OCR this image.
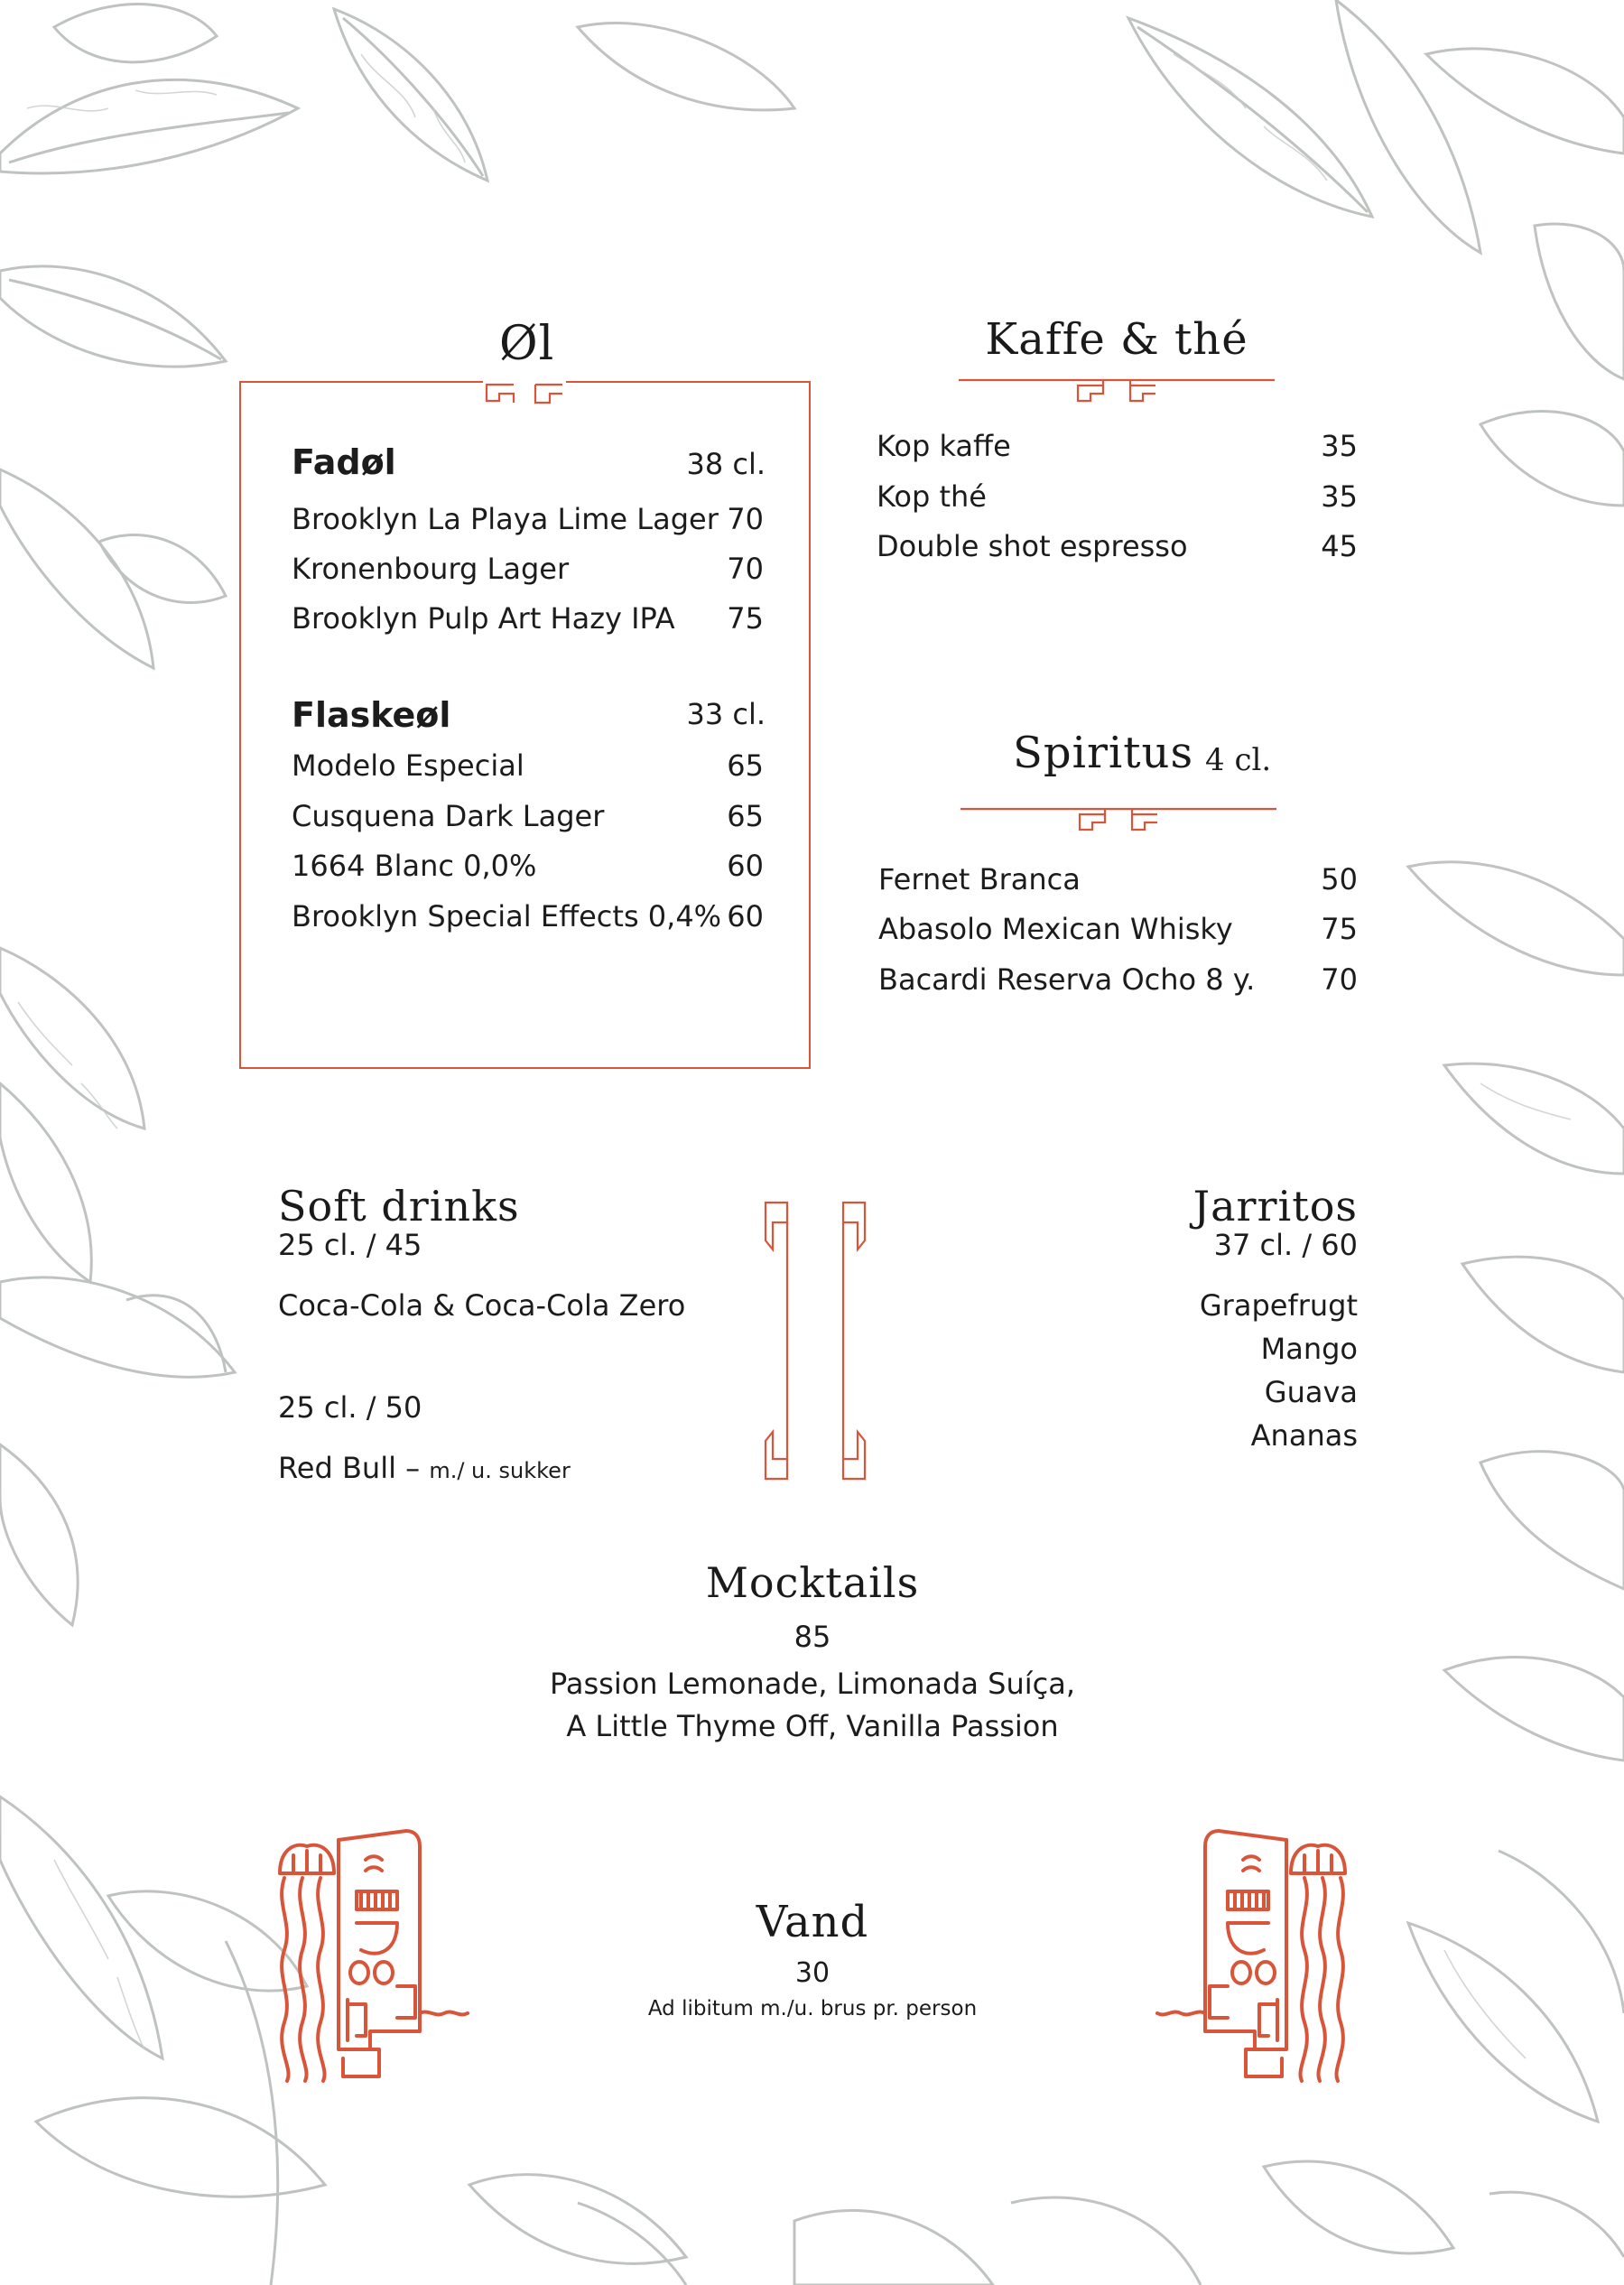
Øl
Fadøl	38 cl.
Brooklyn La Playa Lime Lager 70
Kronenbourg Lager	70
Brooklyn Pulp Art Hazy IPA	75
Flaskeøl	33 cl.
Modelo Especial	65
Cusquena Dark Lager	65
1664 Blanc 0,0%	60
Brooklyn Special Effects 0,4% 60
Kaffe & thé
Kop kaffe	35
Kop thé	35
Double shot espresso	45
Spiritus 4 cl.
Fernet Branca	50
Abasolo Mexican Whisky	75
Bacardi Reserva Ocho 8 y.	70
Soft drinks
25 cl. / 45
Coca-Cola & Coca-Cola Zero
25 cl. / 50
Red Bull – m./ u. sukker
Jarritos
37 cl. / 60
Grapefrugt
Mango
Guava
Ananas
Mocktails
85
Passion Lemonade, Limonada Suíça,
A Little Thyme Off, Vanilla Passion
Vand
30
Ad libitum m./u. brus pr. person
